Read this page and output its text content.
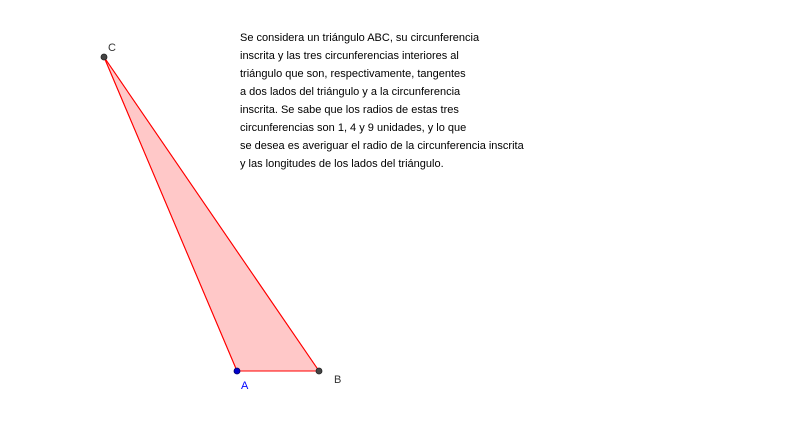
C
A	B
Se considera un triángulo ABC, su circunferencia
inscrita y las tres circunferencias interiores al
triángulo que son, respectivamente, tangentes
a dos lados del triángulo y a la circunferencia
inscrita. Se sabe que los radios de estas tres
circunferencias son 1, 4 y 9 unidades, y lo que
se desea es averiguar el radio de la circunferencia inscrita
y las longitudes de los lados del triángulo.
